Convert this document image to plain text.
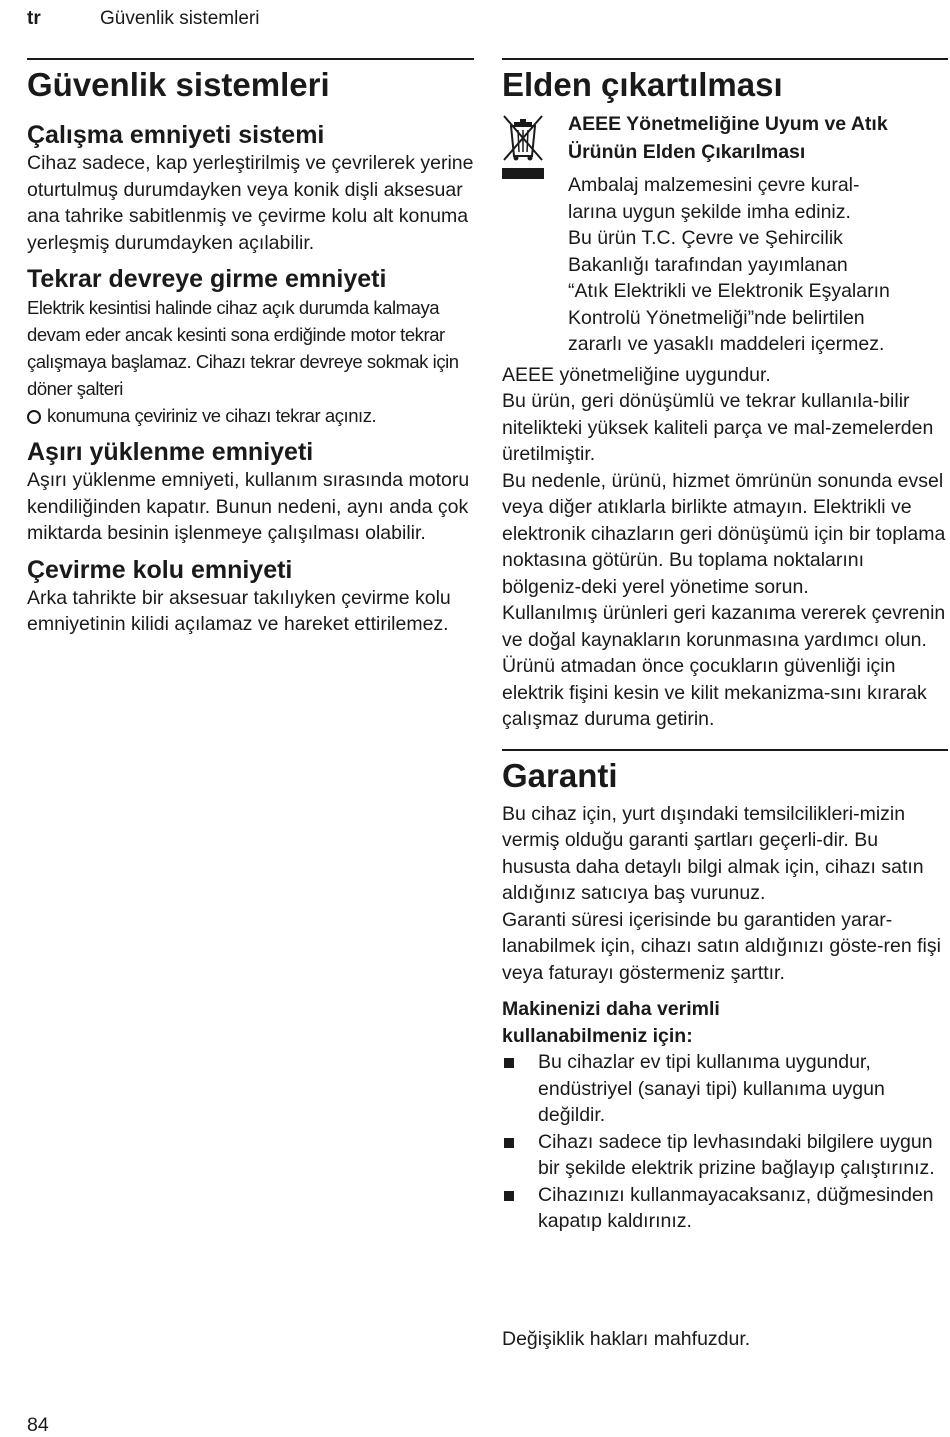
tr	Güvenlik sistemleri
Güvenlik sistemleri
Çalışma emniyeti sistemi

Cihaz sadece, kap yerleştirilmiş ve çevrilerek yerine oturtulmuş durumdayken veya konik dişli aksesuar ana tahrike sabitlenmiş ve çevirme kolu alt konuma yerleşmiş durumdayken açılabilir.

Tekrar devreye girme emniyeti

Elektrik kesintisi halinde cihaz açık durumda kalmaya devam eder ancak kesinti sona erdiğinde motor tekrar çalışmaya başlamaz. Cihazı tekrar devreye sokmak için döner şalteri

konumuna çeviriniz ve cihazı tekrar açınız.

Aşırı yüklenme emniyeti

Aşırı yüklenme emniyeti, kullanım sırasında motoru kendiliğinden kapatır. Bunun nedeni, aynı anda çok miktarda besinin işlenmeye çalışılması olabilir.

Çevirme kolu emniyeti

Arka tahrikte bir aksesuar takılıyken çevirme kolu emniyetinin kilidi açılamaz ve hareket ettirilemez.

Elden çıkartılması
AEEE Yönetmeliğine Uyum ve Atık
Ürünün Elden Çıkarılması
Ambalaj malzemesini çevre kural-
larına uygun şekilde imha ediniz.
Bu ürün T.C. Çevre ve Şehircilik
Bakanlığı tarafından yayımlanan
“Atık Elektrikli ve Elektronik Eşyaların
Kontrolü Yönetmeliği”nde belirtilen
zararlı ve yasaklı maddeleri içermez.

AEEE yönetmeliğine uygundur.

Bu ürün, geri dönüşümlü ve tekrar kullanıla-bilir nitelikteki yüksek kaliteli parça ve mal-zemelerden üretilmiştir.

Bu nedenle, ürünü, hizmet ömrünün sonunda evsel veya diğer atıklarla birlikte atmayın. Elektrikli ve elektronik cihazların geri dönüşümü için bir toplama noktasına götürün. Bu toplama noktalarını bölgeniz-deki yerel yönetime sorun.

Kullanılmış ürünleri geri kazanıma vererek çevrenin ve doğal kaynakların korunmasına yardımcı olun.

Ürünü atmadan önce çocukların güvenliği için elektrik fişini kesin ve kilit mekanizma-sını kırarak çalışmaz duruma getirin.

Garanti

Bu cihaz için, yurt dışındaki temsilcilikleri-mizin vermiş olduğu garanti şartları geçerli-dir. Bu hususta daha detaylı bilgi almak için, cihazı satın aldığınız satıcıya baş vurunuz.

Garanti süresi içerisinde bu garantiden yarar-lanabilmek için, cihazı satın aldığınızı göste-ren fişi veya faturayı göstermeniz şarttır.

Makinenizi daha verimli
kullanabilmeniz için:
Bu cihazlar ev tipi kullanıma uygundur, endüstriyel (sanayi tipi) kullanıma uygun değildir.
Cihazı sadece tip levhasındaki bilgilere uygun bir şekilde elektrik prizine bağlayıp çalıştırınız.
Cihazınızı kullanmayacaksanız, düğmesinden kapatıp kaldırınız.
Değişiklik hakları mahfuzdur.
84
